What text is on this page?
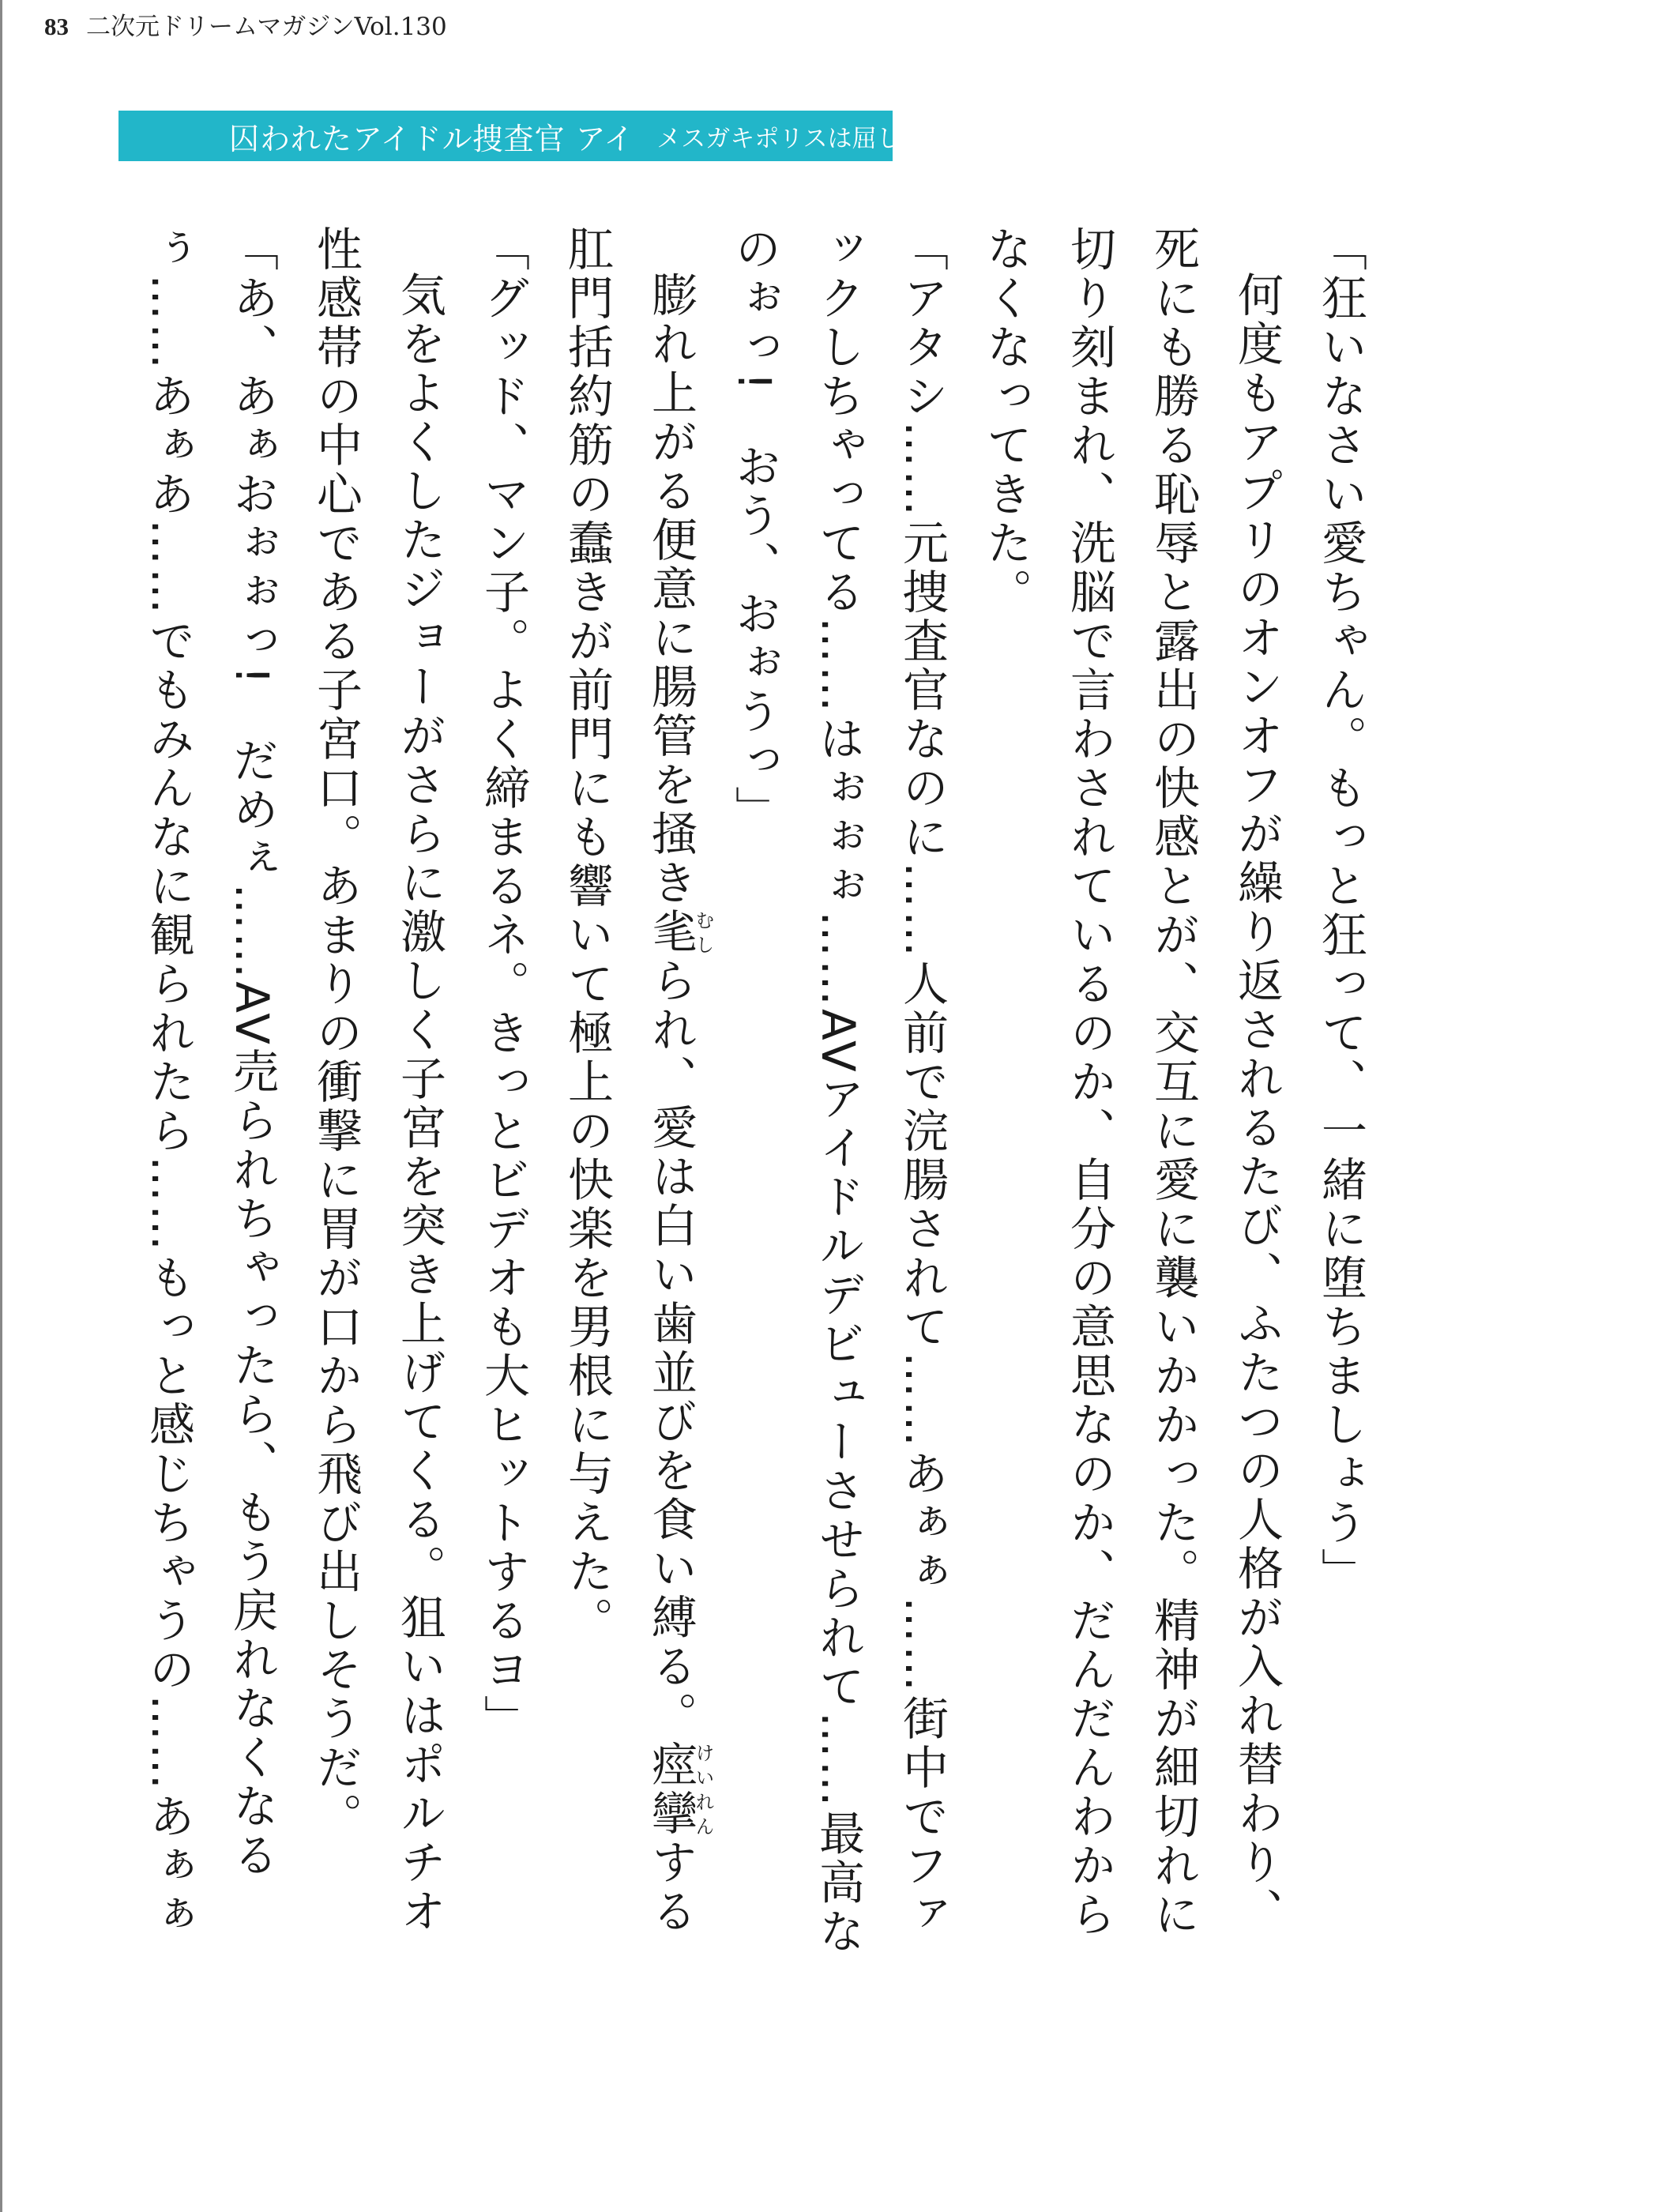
83 二次元ドリームマガジンVol.130
囚われたアイドル捜査官 アイ メスガキポリスは屈しない!

「狂いなさい愛ちゃん。もっと狂って、一緒に堕ちましょう」

何度もアプリのオンオフが繰り返されるたび、ふたつの人格が入れ替わり、死にも勝る恥辱と露出の快感とが、交互に愛に襲いかかった。精神が細切れに切り刻まれ、洗脳で言わされているのか、自分の意思なのか、だんだんわからなくなってきた。

「アタシ……元捜査官なのに……人前で浣腸されて……あぁぁ……街中でファックしちゃってる……はぉぉぉ……AVアイドルデビューさせられて……最高なのぉっ!　おう、おぉうっ」

膨れ上がる便意に腸管を掻き毟むしられ、愛は白い歯並びを食い縛る。痙攣けいれんする肛門括約筋の蠢きが前門にも響いて極上の快楽を男根に与えた。

「グッド、マン子。よく締まるネ。きっとビデオも大ヒットするヨ」

気をよくしたジョーがさらに激しく子宮を突き上げてくる。狙いはポルチオ性感帯の中心である子宮口。あまりの衝撃に胃が口から飛び出しそうだ。

「あ、あぁおぉぉっ!　だめぇ……AV売られちゃったら、もう戻れなくなるぅ……あぁあ……でもみんなに観られたら……もっと感じちゃうの……あぁぁ
